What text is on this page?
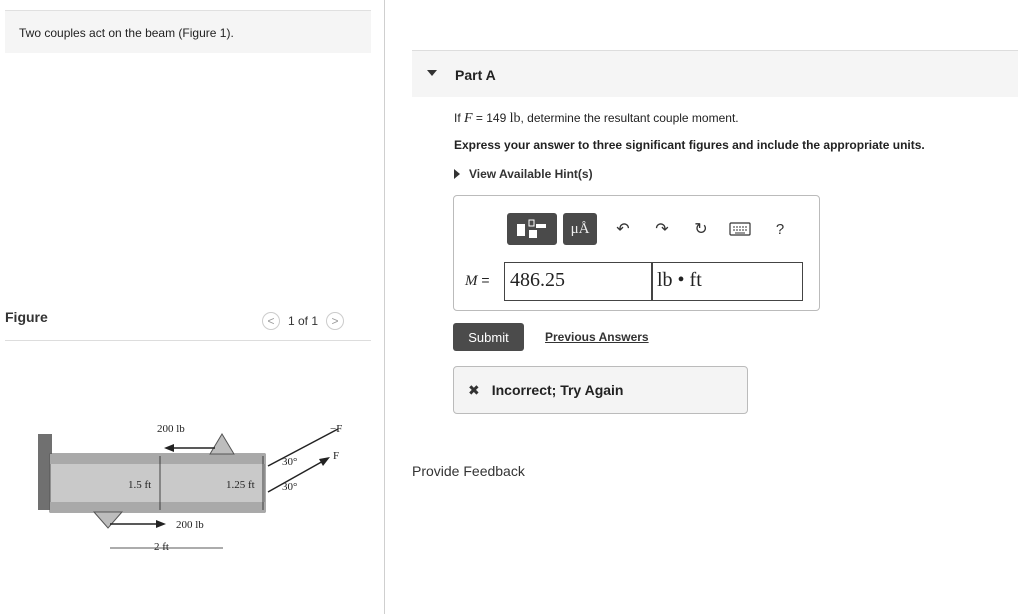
Two couples act on the beam (Figure 1).
Figure	<	1 of 1	>
200 lb
200 lb
1.5 ft	1.25 ft
2 ft
−F
F
30°
30°
Part A
If F = 149 lb, determine the resultant couple moment.
Express your answer to three significant figures and include the appropriate units.
View Available Hint(s)
μÅ ↶ ↷ ↻	?
M =	486.25	lb • ft
Submit	Previous Answers
✖ Incorrect; Try Again
Provide Feedback
